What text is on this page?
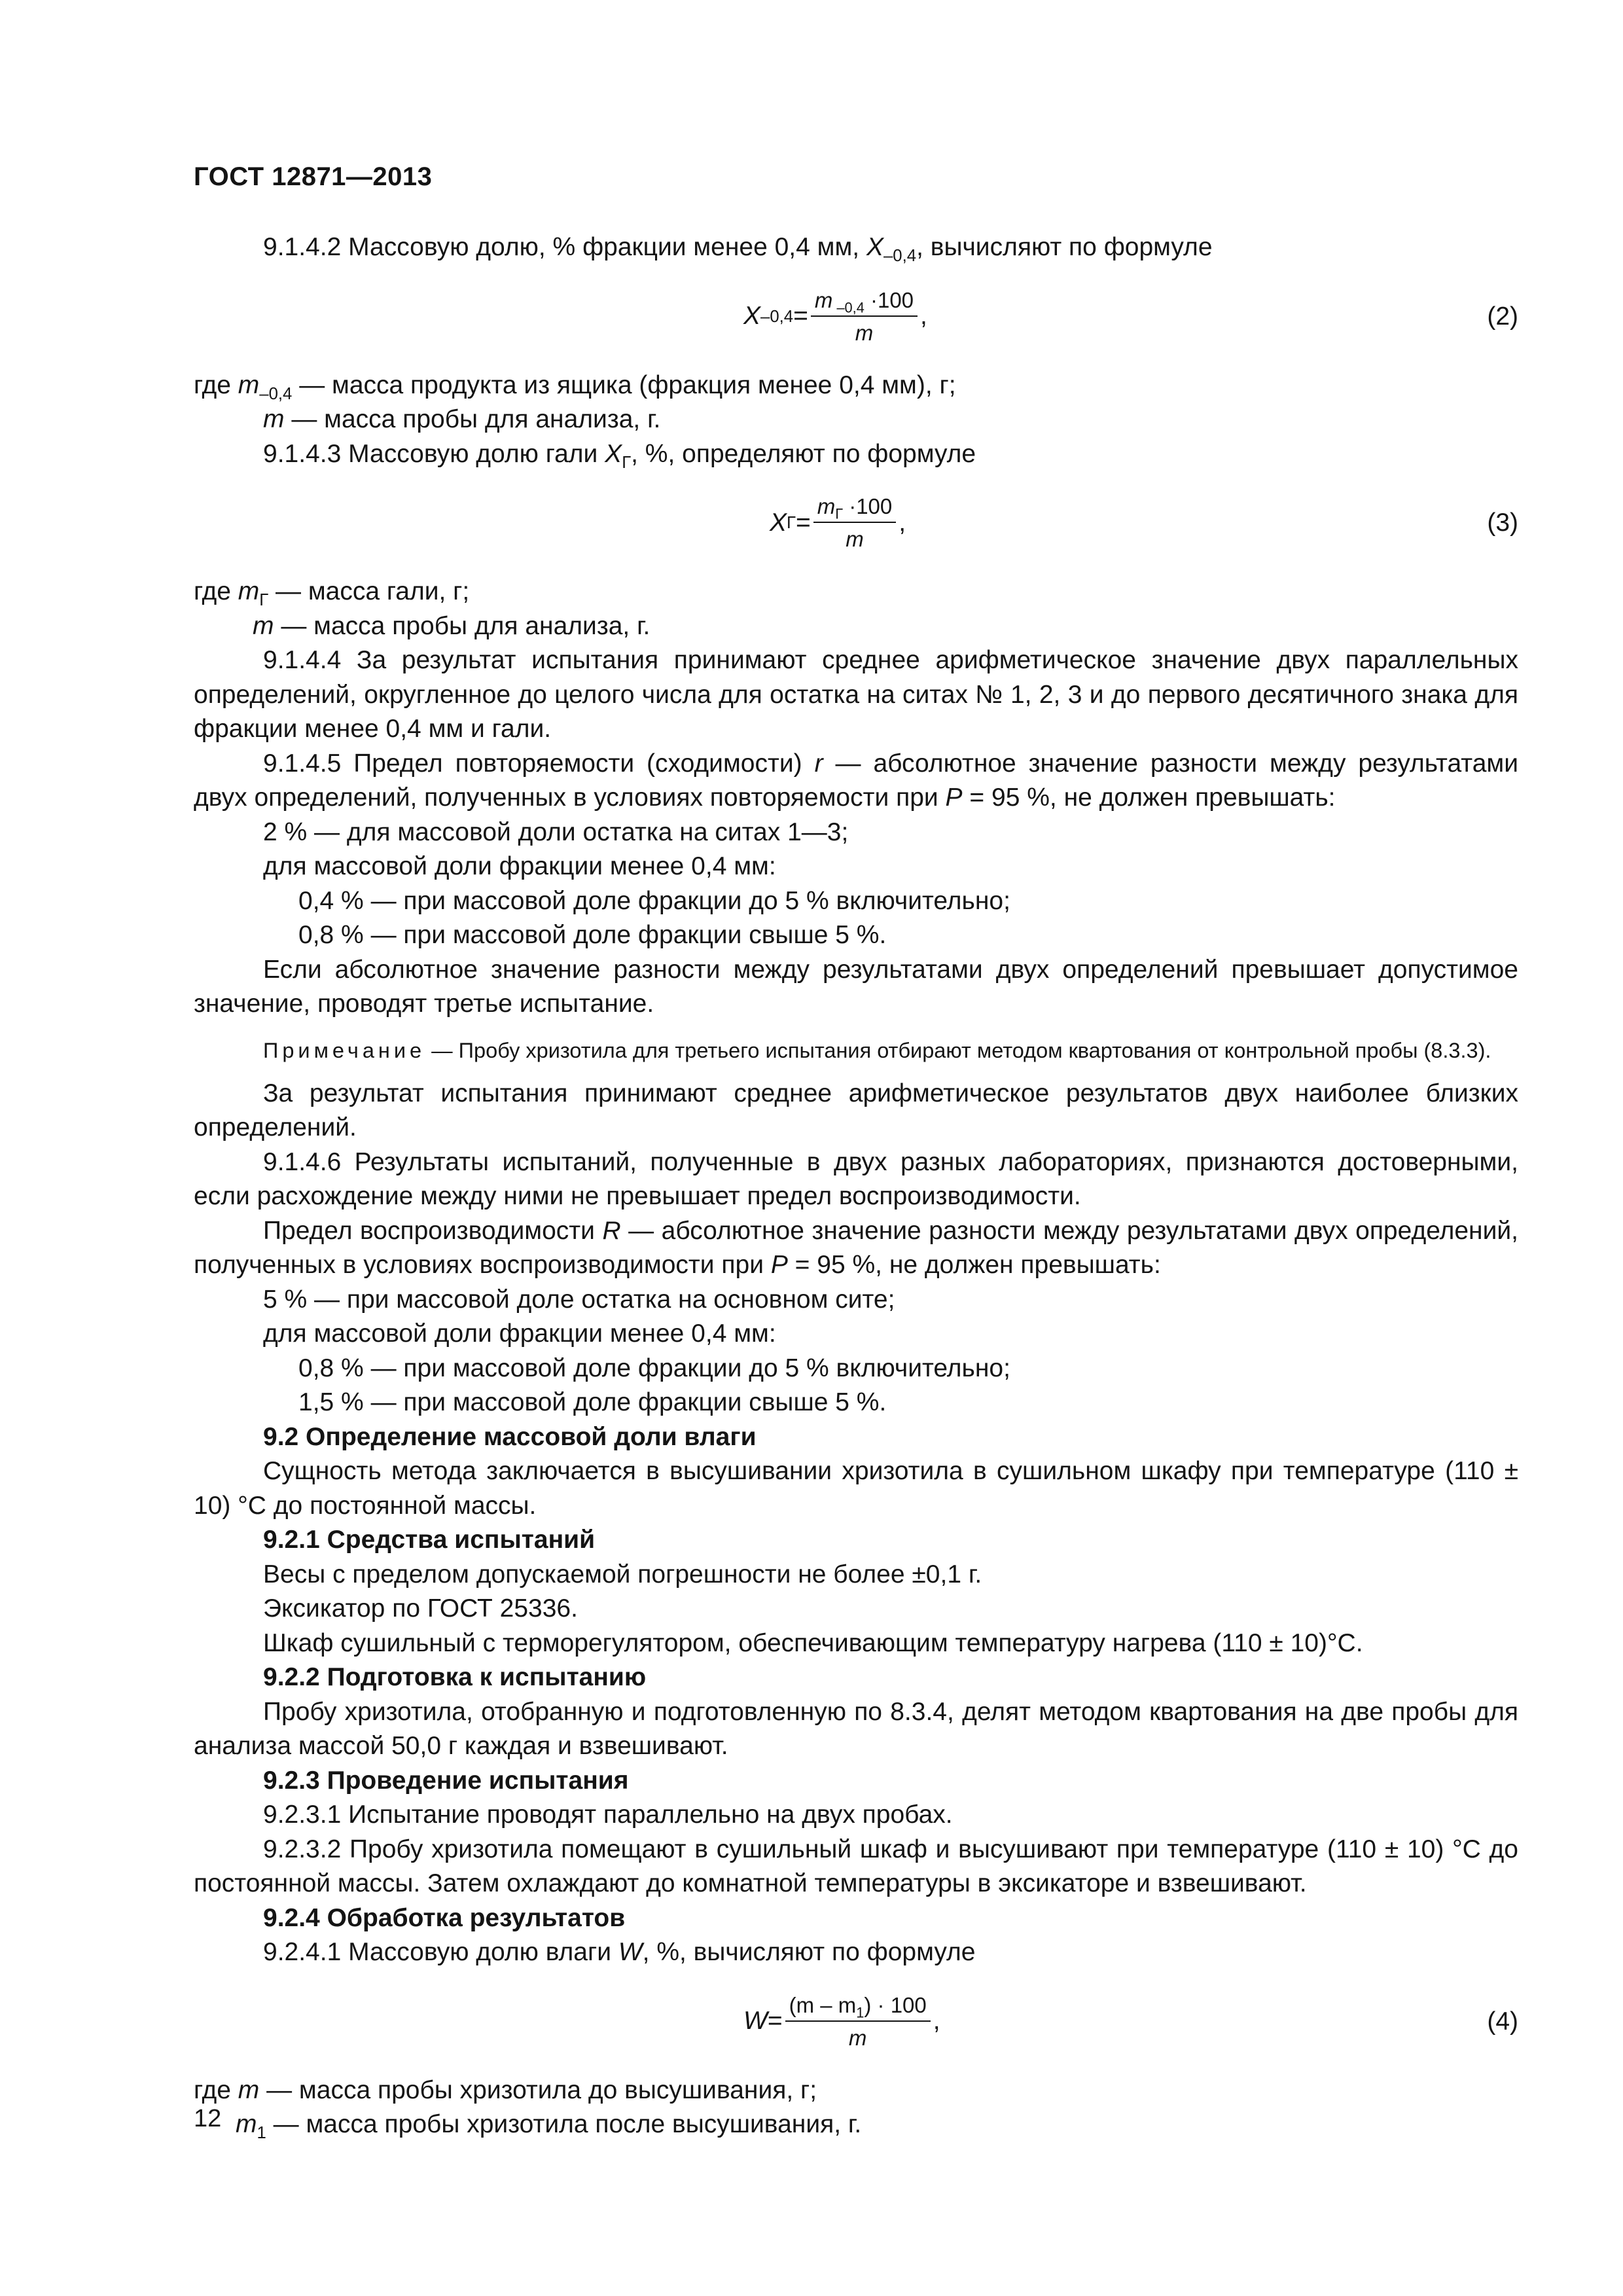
ГОСТ 12871—2013

9.1.4.2 Массовую долю, % фракции менее 0,4 мм, $X_{-0,4}$, вычисляют по формуле

X $-0,4 = \frac{m _{-0,4} \cdot 100}{m}$ ,	(2)

где $m_{-0,4}$ — масса продукта из ящика (фракция менее 0,4 мм), г;

m — масса пробы для анализа, г.

9.1.4.3 Массовую долю гали $X_Г$, %, определяют по формуле

X $Г = \frac{m_Г \cdot 100}{m}$ ,	(3)

где $m_Г$ — масса гали, г;

m — масса пробы для анализа, г.

9.1.4.4 За результат испытания принимают среднее арифметическое значение двух параллельных определений, округленное до целого числа для остатка на ситах № 1, 2, 3 и до первого десятичного знака для фракции менее 0,4 мм и гали.

9.1.4.5 Предел повторяемости (сходимости) r — абсолютное значение разности между результатами двух определений, полученных в условиях повторяемости при P = 95 %, не должен превышать:

2 % — для массовой доли остатка на ситах 1—3;

для массовой доли фракции менее 0,4 мм:

0,4 % — при массовой доле фракции до 5 % включительно;

0,8 % — при массовой доле фракции свыше 5 %.

Если абсолютное значение разности между результатами двух определений превышает допустимое значение, проводят третье испытание.

Примечание — Пробу хризотила для третьего испытания отбирают методом квартования от контрольной пробы (8.3.3).

За результат испытания принимают среднее арифметическое результатов двух наиболее близких определений.

9.1.4.6 Результаты испытаний, полученные в двух разных лабораториях, признаются достоверными, если расхождение между ними не превышает предел воспроизводимости.

Предел воспроизводимости R — абсолютное значение разности между результатами двух определений, полученных в условиях воспроизводимости при P = 95 %, не должен превышать:

5 % — при массовой доле остатка на основном сите;

для массовой доли фракции менее 0,4 мм:

0,8 % — при массовой доле фракции до 5 % включительно;

1,5 % — при массовой доле фракции свыше 5 %.

9.2 Определение массовой доли влаги

Сущность метода заключается в высушивании хризотила в сушильном шкафу при температуре (110 ± 10) °С до постоянной массы.

9.2.1 Средства испытаний

Весы с пределом допускаемой погрешности не более ±0,1 г.

Эксикатор по ГОСТ 25336.

Шкаф сушильный с терморегулятором, обеспечивающим температуру нагрева (110 ± 10)°С.

9.2.2 Подготовка к испытанию

Пробу хризотила, отобранную и подготовленную по 8.3.4, делят методом квартования на две пробы для анализа массой 50,0 г каждая и взвешивают.

9.2.3 Проведение испытания

9.2.3.1 Испытание проводят параллельно на двух пробах.

9.2.3.2 Пробу хризотила помещают в сушильный шкаф и высушивают при температуре (110 ± 10) °С до постоянной массы. Затем охлаждают до комнатной температуры в эксикаторе и взвешивают.

9.2.4 Обработка результатов

9.2.4.1 Массовую долю влаги W, %, вычисляют по формуле

$W = \frac{(m - m_1) \cdot 100}{m}$ ,	(4)

где m — масса пробы хризотила до высушивания, г;

$m_1$ — масса пробы хризотила после высушивания, г.

12
